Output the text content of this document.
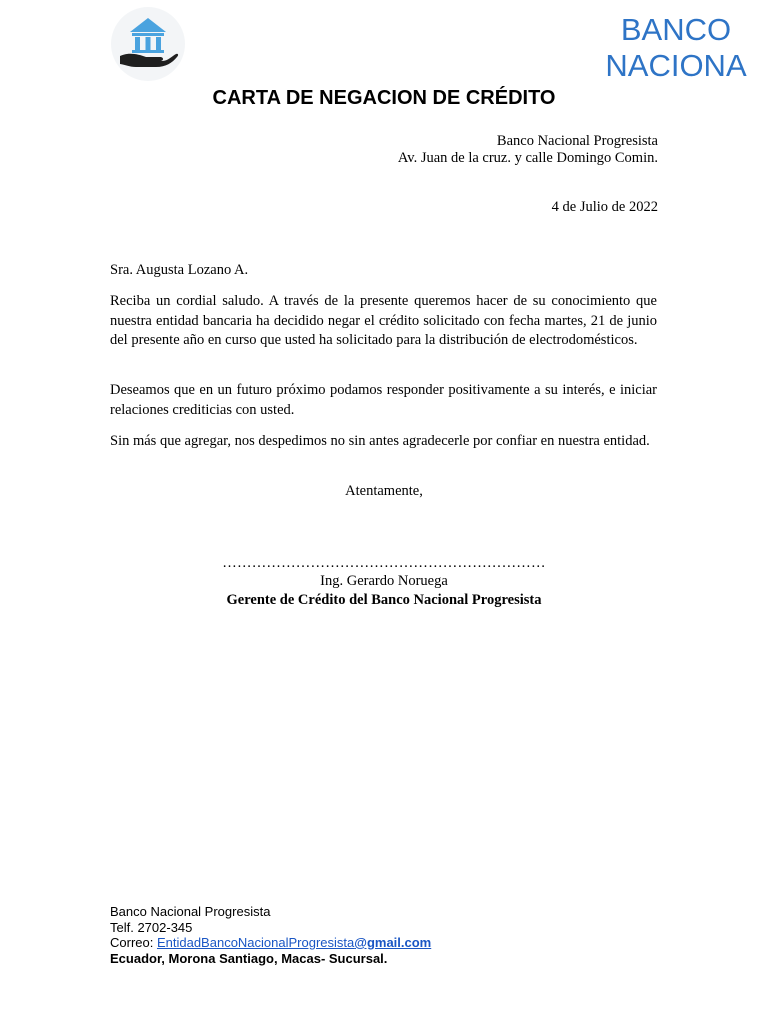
BANCO
NACIONA
CARTA DE NEGACION DE CRÉDITO
Banco Nacional Progresista
Av. Juan de la cruz. y calle Domingo Comin.
4 de Julio de 2022
Sra. Augusta Lozano A.

Reciba un cordial saludo. A través de la presente queremos hacer de su conocimiento que nuestra entidad bancaria ha decidido negar el crédito solicitado con fecha martes, 21 de junio del presente año en curso que usted ha solicitado para la distribución de electrodomésticos.

Deseamos que en un futuro próximo podamos responder positivamente a su interés, e iniciar relaciones crediticias con usted.

Sin más que agregar, nos despedimos no sin antes agradecerle por confiar en nuestra entidad.

Atentamente,
…………………………………………………………
Ing. Gerardo Noruega
Gerente de Crédito del Banco Nacional Progresista
Banco Nacional Progresista
Telf. 2702-345
Correo: EntidadBancoNacionalProgresista@gmail.com
Ecuador, Morona Santiago, Macas- Sucursal.
